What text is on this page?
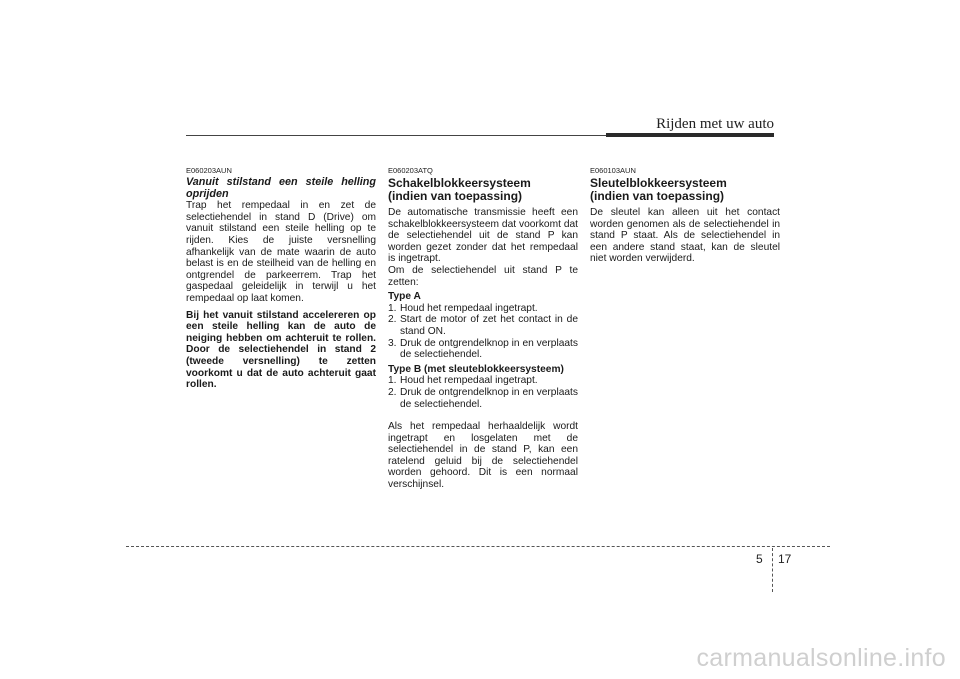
Rijden met uw auto
E060203AUN
Vanuit stilstand een steile helling oprijden

Trap het rempedaal in en zet de selectiehendel in stand D (Drive) om vanuit stilstand een steile helling op te rijden. Kies de juiste versnelling afhankelijk van de mate waarin de auto belast is en de steilheid van de helling en ontgrendel de parkeerrem. Trap het gaspedaal geleidelijk in terwijl u het rempedaal op laat komen.

Bij het vanuit stilstand accelereren op een steile helling kan de auto de neiging hebben om achteruit te rollen. Door de selectiehendel in stand 2 (tweede versnelling) te zetten voorkomt u dat de auto achteruit gaat rollen.

E060203ATQ
Schakelblokkeersysteem
(indien van toepassing)

De automatische transmissie heeft een schakelblokkeersysteem dat voorkomt dat de selectiehendel uit de stand P kan worden gezet zonder dat het rempedaal is ingetrapt.

Om de selectiehendel uit stand P te zetten:

Type A
1. Houd het rempedaal ingetrapt.
2. Start de motor of zet het contact in de stand ON.
3. Druk de ontgrendelknop in en verplaats de selectiehendel.
Type B (met sleuteblokkeersysteem)
1. Houd het rempedaal ingetrapt.
2. Druk de ontgrendelknop in en verplaats de selectiehendel.

Als het rempedaal herhaaldelijk wordt ingetrapt en losgelaten met de selectiehendel in de stand P, kan een ratelend geluid bij de selectiehendel worden gehoord. Dit is een normaal verschijnsel.

E060103AUN
Sleutelblokkeersysteem
(indien van toepassing)

De sleutel kan alleen uit het contact worden genomen als de selectiehendel in stand P staat. Als de selectiehendel in een andere stand staat, kan de sleutel niet worden verwijderd.

5 17
carmanualsonline.info
